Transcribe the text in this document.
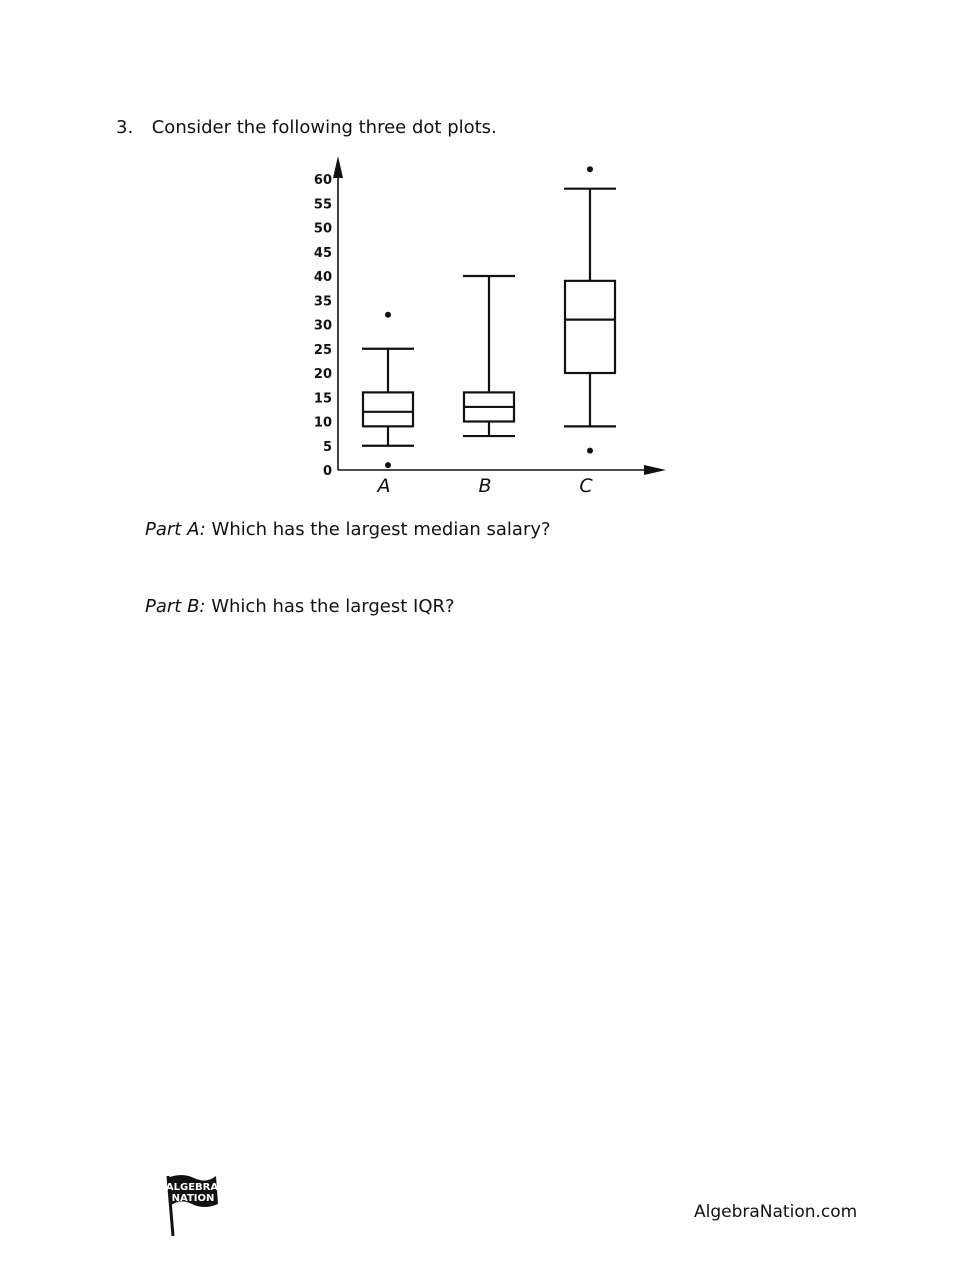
3. Consider the following three dot plots.
0
5
10
15
20
25
30
35
40
45
50
55
60
A	B	C
Part A: Which has the largest median salary?
Part B: Which has the largest IQR?
ALGEBRA
NATION
AlgebraNation.com
